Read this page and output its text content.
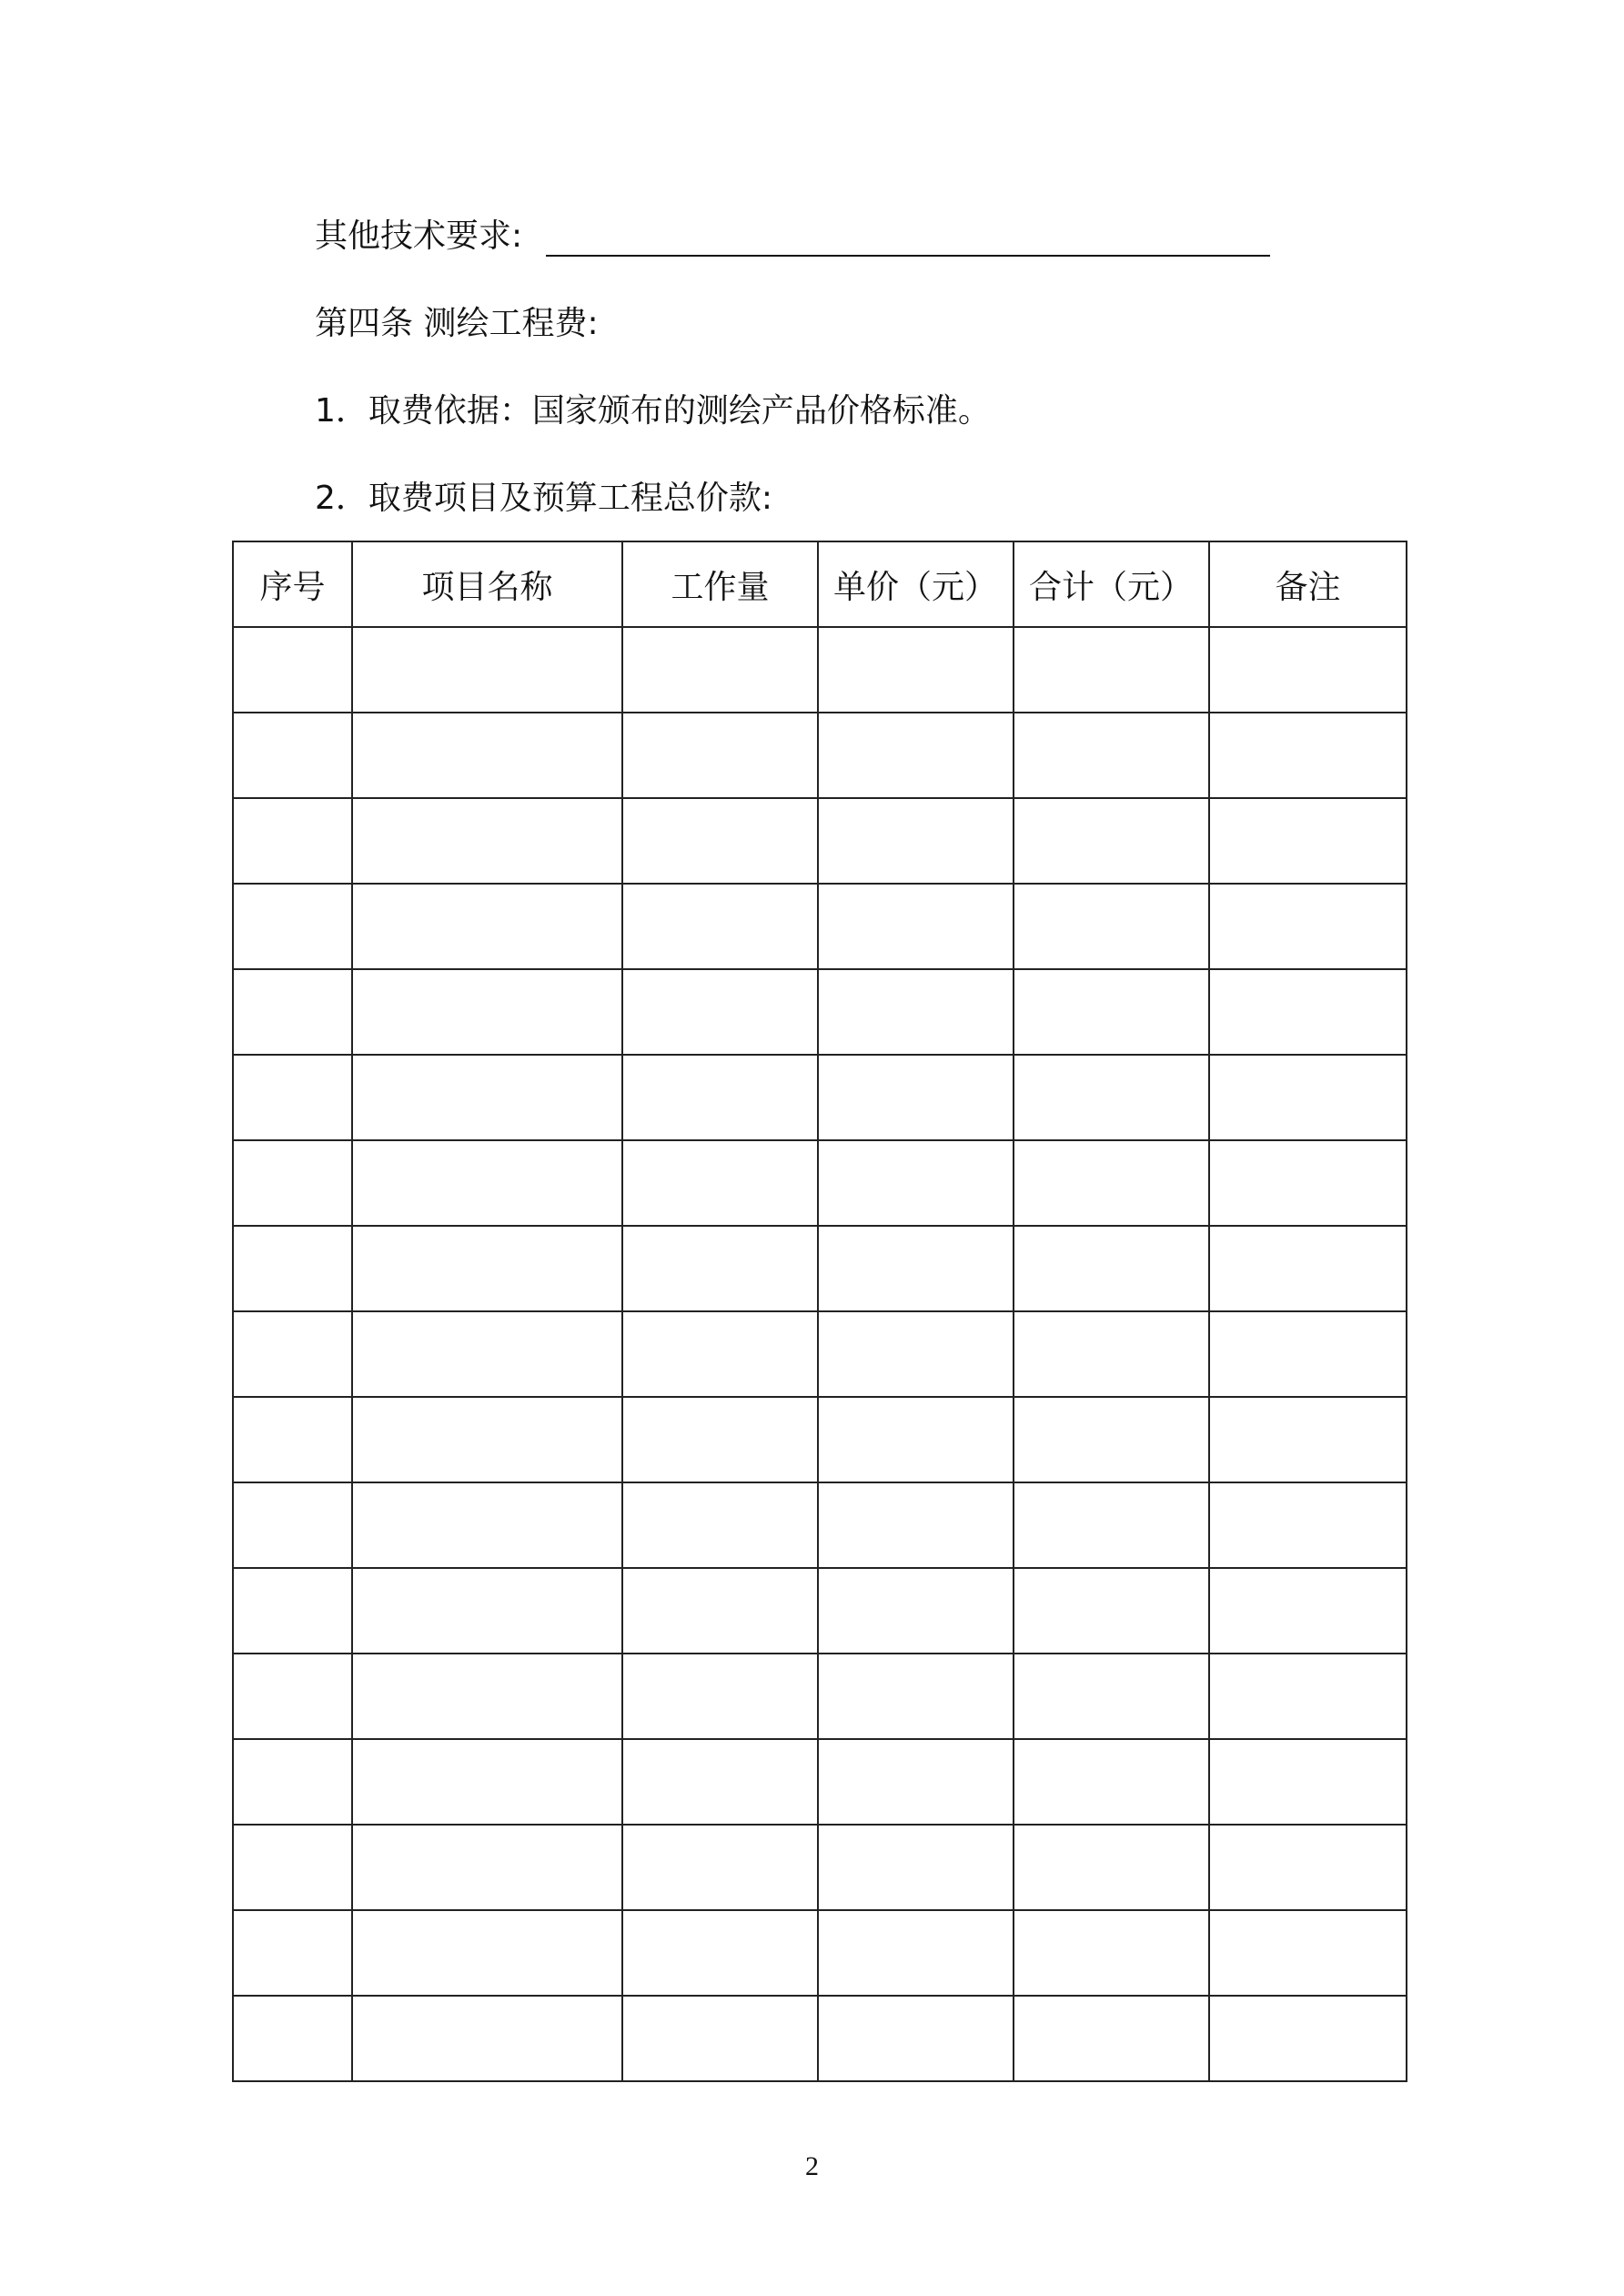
其他技术要求:
第四条 测绘工程费:
1．取费依据：国家颁布的测绘产品价格标准。
2．取费项目及预算工程总价款:
序号	项目名称	工作量	单价（元）	合计（元）	备注

2
